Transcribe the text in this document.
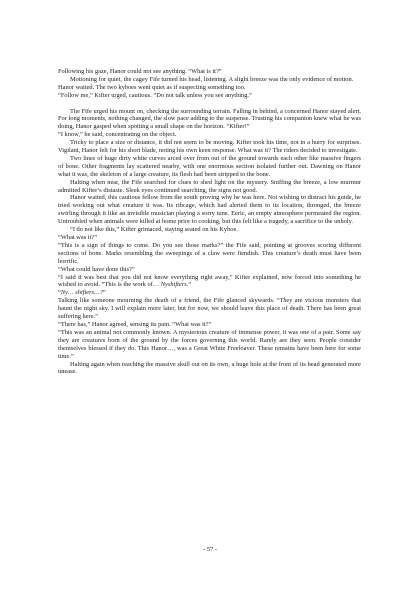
Following his gaze, Hanor could not see anything. “What is it?”

Motioning for quiet, the cagey Fife turned his head, listening. A slight breeze was the only evidence of motion.

Hanor waited. The two kyboes went quiet as if suspecting something too.

“Follow me,” Kifter urged, cautious. “Do not talk unless you see anything.”

The Fife urged his mount on, checking the surrounding terrain. Falling in behind, a concerned Hanor stayed alert. For long moments, nothing changed, the slow pace adding to the suspense. Trusting his companion knew what he was doing, Hanor gasped when spotting a small shape on the horizon. “Kifter!”

“I know,” he said, concentrating on the object.

Tricky to place a size or distance, it did not seem to be moving. Kifter took his time, not in a hurry for surprises. Vigilant, Hanor felt for his short blade, noting his own keen response. What was it? The riders decided to investigate.

Two lines of huge dirty white curves arced over from out of the ground towards each other like massive fingers of bone. Other fragments lay scattered nearby, with one enormous section isolated further out. Dawning on Hanor what it was, the skeleton of a large creature, its flesh had been stripped to the bone.

Halting when near, the Fife searched for clues to shed light on the mystery. Sniffing the breeze, a low murmur admitted Kifter’s distaste. Sleek eyes continued searching, the signs not good.

Hanor waited, this cautious fellow from the south proving why he was here. Not wishing to distract his guide, he tried working out what creature it was. Its ribcage, which had alerted them to its location, thronged, the breeze swirling through it like an invisible musician playing a sorry tune. Eeric, an empty atmosphere permeated the region. Untroubled when animals were killed at home prior to cooking, but this felt like a tragedy, a sacrifice to the unholy.

“I do not like this,” Kifter grimaced, staying seated on his Kyboe.

“What was it?”

“This is a sign of things to come. Do you see those marks?” the Fife said, pointing at grooves scoring different sections of bone. Marks resembling the sweepings of a claw were fiendish. This creature’s death must have been horrific.

“What could have done this?”

“I said it was best that you did not know everything right away,” Kifter explained, now forced into something he wished to avoid. “This is the work of… Nyshifters.”

“Ny… shifters…?”

Talking like someone mourning the death of a friend, the Fife glanced skywards. “They are vicious monsters that haunt the night sky. I will explain more later, but for now, we should leave this place of death. There has been great suffering here.”

“There has,” Hanor agreed, sensing its pain. “What was it?”

“This was an animal not commonly known. A mysterious creature of immense power, it was one of a pair. Some say they are creatures born of the ground by the forces governing this world. Rarely are they seen. People consider themselves blessed if they do. This Hanor…, was a Great White Freeloaver. These remains have been here for some time.”

Halting again when reaching the massive skull out on its own, a huge hole at the front of its head generated more unease.

- 57 -
